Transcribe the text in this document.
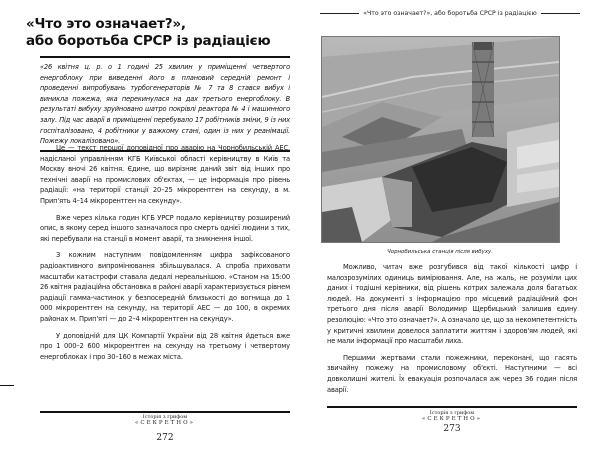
«Что это означает?»,
або боротьба СРСР із радіацією
«26 квітня ц. р. о 1 годині 25 хвилин у приміщенні четвертого енергоблоку при виведенні його в плановий середній ремонт і проведенні випробувань турбогенераторів № 7 та 8 стався вибух і виникла пожежа, яка перекинулася на дах третього енергоблоку. В результаті вибуху зруйновано шатро покрівлі реактора № 4 і машинного залу. Під час аварії в приміщенні перебувало 17 робітників зміни, 9 із них госпіталізовано, 4 робітники у важкому стані, один із них у реанімації. Пожежу локалізовано».

Це — текст першої доповідної про аварію на Чорнобильській АЕС, надісланої управлінням КГБ Київської області керівництву в Київ та Москву вночі 26 квітня. Єдине, що вирізняє даний звіт від інших про технічні аварії на промислових об'єктах, — це інформація про рівень радіації: «на території станції 20–25 мікрорентген на секунду, в м. Прип'ять 4–14 мікрорентген на секунду».

Вже через кілька годин КГБ УРСР подало керівництву розширений опис, в якому серед іншого зазначалося про смерть однієї людини з тих, які перебували на станції в момент аварії, та зникнення іншої.

З кожним наступним повідомленням цифра зафіксованого радіоактивного випромінювання збільшувалася. А спроба приховати масштаби катастрофи ставала дедалі нереальнішою. «Станом на 15:00 26 квітня радіаційна обстановка в районі аварії характеризується рівнем радіації гамма-частинок у безпосередній близькості до вогнища до 1 000 мікрорентген на секунду, на території АЕС — до 100, в окремих районах м. Прип'яті — до 2–4 мікрорентген на секунду».

У доповідній для ЦК Компартії України від 28 квітня йдеться вже про 1 000–2 600 мікрорентген на секунду на третьому і четвертому енергоблоках і про 30–160 в межах міста.

Історія з грифом
«СЕКРЕТНО»
272
«Что это означает?», або боротьба СРСР із радіацією
Чорнобильська станція після вибуху.

Можливо, читач вже розгубився від такої кількості цифр і малозрозумілих одиниць вимірювання. Але, на жаль, не розуміли цих даних і тодішні керівники, від рішень котрих залежала доля багатьох людей. На документі з інформацією про місцевий радіаційний фон третього дня після аварії Володимир Щербицький залишив єдину резолюцію: «Что это означает?». А означало це, що за некомпетентність у критичні хвилини довелося заплатити життям і здоров'ям людей, які не мали інформації про масштаби лиха.

Першими жертвами стали пожежники, переконані, що гасять звичайну пожежу на промисловому об'єкті. Наступними — всі довколишні жителі. Їх евакуація розпочалася аж через 36 годин після аварії.

Історія з грифом
«СЕКРЕТНО»
273
